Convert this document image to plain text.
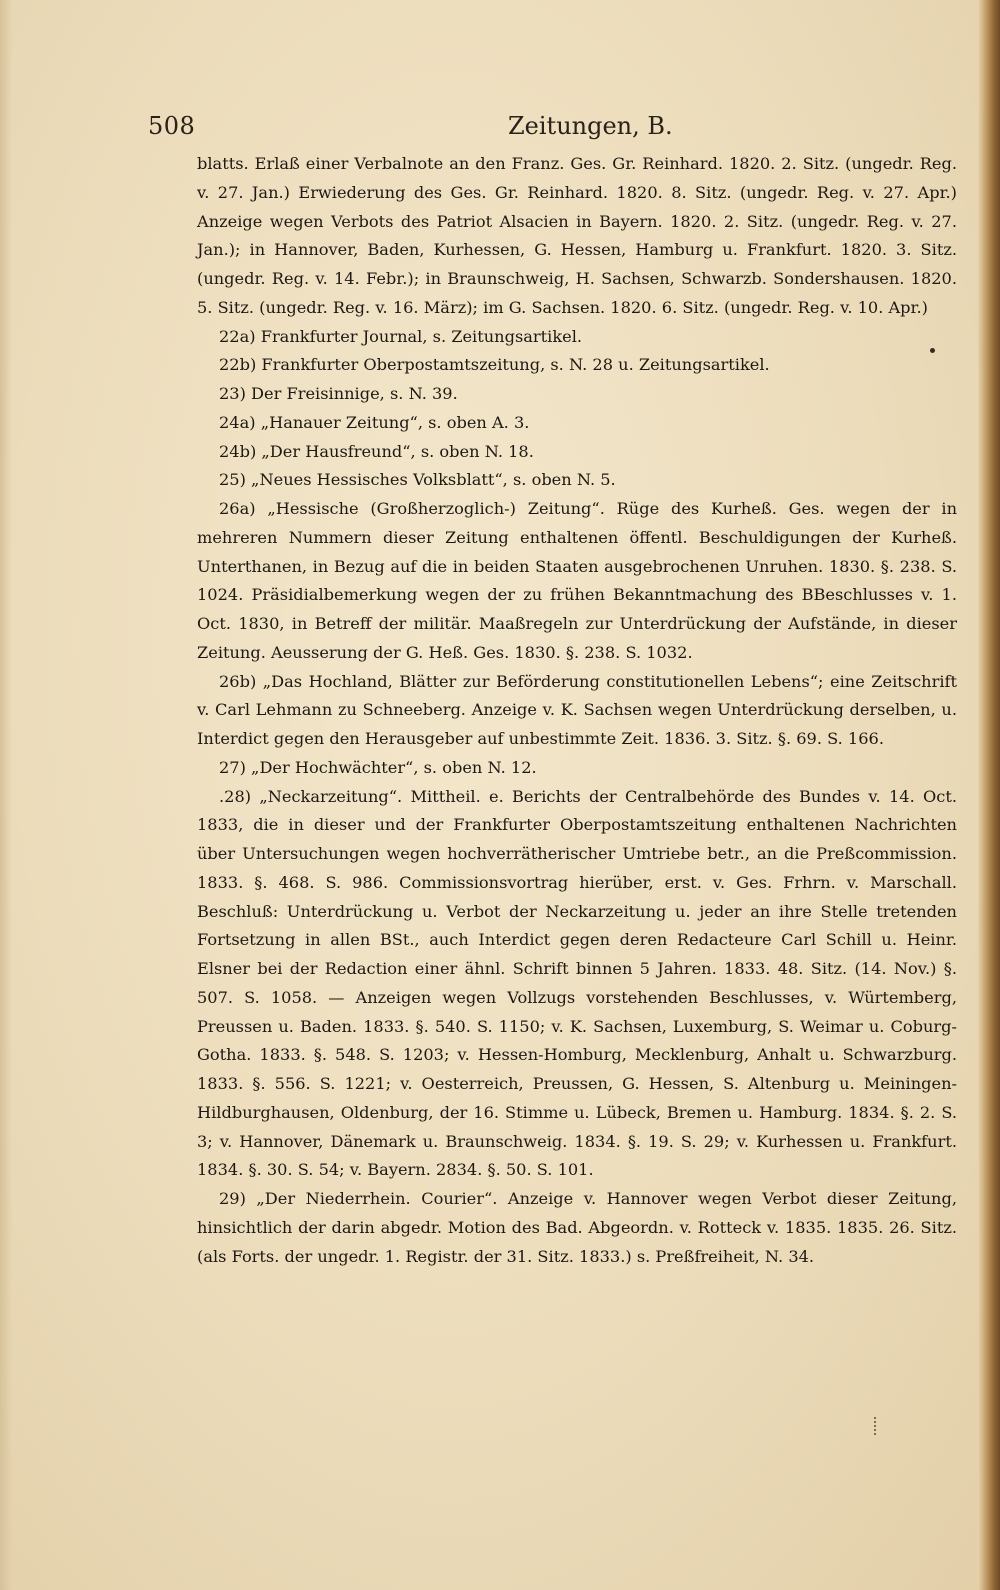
508	Zeitungen, B.

blatts. Erlaß einer Verbalnote an den Franz. Ges. Gr. Reinhard. 1820. 2. Sitz. (ungedr. Reg. v. 27. Jan.) Erwiederung des Ges. Gr. Reinhard. 1820. 8. Sitz. (ungedr. Reg. v. 27. Apr.) Anzeige wegen Verbots des Patriot Alsacien in Bayern. 1820. 2. Sitz. (ungedr. Reg. v. 27. Jan.); in Hannover, Baden, Kurhessen, G. Hessen, Hamburg u. Frankfurt. 1820. 3. Sitz. (ungedr. Reg. v. 14. Febr.); in Braunschweig, H. Sachsen, Schwarzb. Sondershausen. 1820. 5. Sitz. (ungedr. Reg. v. 16. März); im G. Sachsen. 1820. 6. Sitz. (ungedr. Reg. v. 10. Apr.)

22a) Frankfurter Journal, s. Zeitungsartikel.

22b) Frankfurter Oberpostamtszeitung, s. N. 28 u. Zeitungsartikel.

23) Der Freisinnige, s. N. 39.

24a) „Hanauer Zeitung“, s. oben A. 3.

24b) „Der Hausfreund“, s. oben N. 18.

25) „Neues Hessisches Volksblatt“, s. oben N. 5.

26a) „Hessische (Großherzoglich-) Zeitung“. Rüge des Kurheß. Ges. wegen der in mehreren Nummern dieser Zeitung enthaltenen öffentl. Beschuldigungen der Kurheß. Unterthanen, in Bezug auf die in beiden Staaten ausgebrochenen Unruhen. 1830. §. 238. S. 1024. Präsidialbemerkung wegen der zu frühen Bekanntmachung des BBeschlusses v. 1. Oct. 1830, in Betreff der militär. Maaßregeln zur Unterdrückung der Aufstände, in dieser Zeitung. Aeusserung der G. Heß. Ges. 1830. §. 238. S. 1032.

26b) „Das Hochland, Blätter zur Beförderung constitutionellen Lebens“; eine Zeitschrift v. Carl Lehmann zu Schneeberg. Anzeige v. K. Sachsen wegen Unterdrückung derselben, u. Interdict gegen den Herausgeber auf unbestimmte Zeit. 1836. 3. Sitz. §. 69. S. 166.

27) „Der Hochwächter“, s. oben N. 12.

.28) „Neckarzeitung“. Mittheil. e. Berichts der Centralbehörde des Bundes v. 14. Oct. 1833, die in dieser und der Frankfurter Oberpostamtszeitung enthaltenen Nachrichten über Untersuchungen wegen hochverrätherischer Umtriebe betr., an die Preßcommission. 1833. §. 468. S. 986. Commissionsvortrag hierüber, erst. v. Ges. Frhrn. v. Marschall. Beschluß: Unterdrückung u. Verbot der Neckarzeitung u. jeder an ihre Stelle tretenden Fortsetzung in allen BSt., auch Interdict gegen deren Redacteure Carl Schill u. Heinr. Elsner bei der Redaction einer ähnl. Schrift binnen 5 Jahren. 1833. 48. Sitz. (14. Nov.) §. 507. S. 1058. — Anzeigen wegen Vollzugs vorstehenden Beschlusses, v. Würtemberg, Preussen u. Baden. 1833. §. 540. S. 1150; v. K. Sachsen, Luxemburg, S. Weimar u. Coburg-Gotha. 1833. §. 548. S. 1203; v. Hessen-Homburg, Mecklenburg, Anhalt u. Schwarzburg. 1833. §. 556. S. 1221; v. Oesterreich, Preussen, G. Hessen, S. Altenburg u. Meiningen-Hildburghausen, Oldenburg, der 16. Stimme u. Lübeck, Bremen u. Hamburg. 1834. §. 2. S. 3; v. Hannover, Dänemark u. Braunschweig. 1834. §. 19. S. 29; v. Kurhessen u. Frankfurt. 1834. §. 30. S. 54; v. Bayern. 2834. §. 50. S. 101.

29) „Der Niederrhein. Courier“. Anzeige v. Hannover wegen Verbot dieser Zeitung, hinsichtlich der darin abgedr. Motion des Bad. Abgeordn. v. Rotteck v. 1835. 1835. 26. Sitz. (als Forts. der ungedr. 1. Registr. der 31. Sitz. 1833.) s. Preßfreiheit, N. 34.
